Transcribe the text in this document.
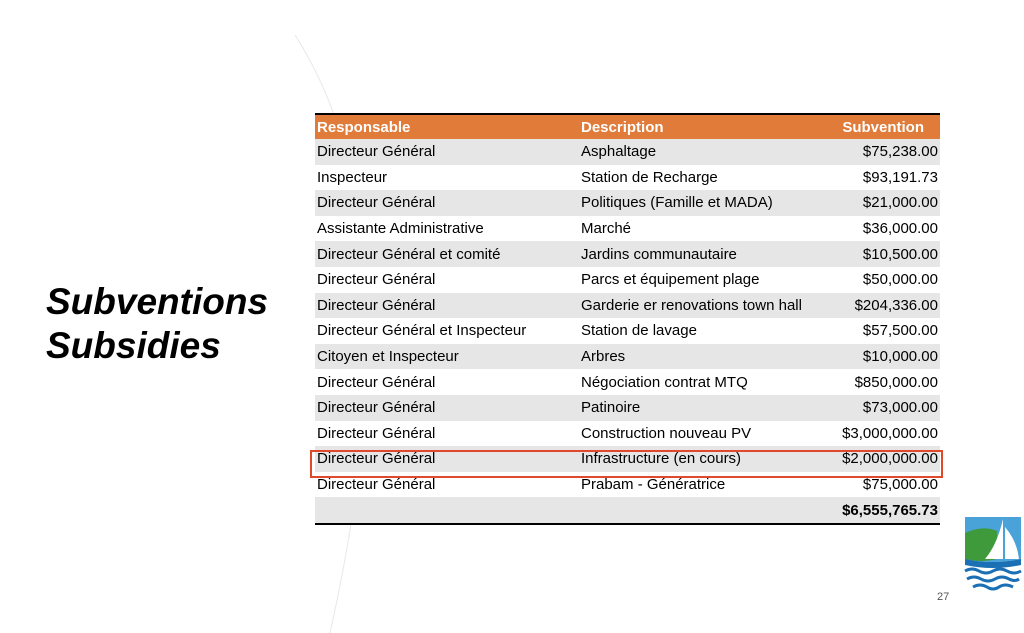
Subventions
Subsidies
Responsable	Description	Subvention
Directeur Général	Asphaltage	$75,238.00
Inspecteur	Station de Recharge	$93,191.73
Directeur Général	Politiques (Famille et MADA)	$21,000.00
Assistante Administrative	Marché	$36,000.00
Directeur Général et comité	Jardins communautaire	$10,500.00
Directeur Général	Parcs et équipement plage	$50,000.00
Directeur Général	Garderie er renovations town hall	$204,336.00
Directeur Général et Inspecteur	Station de lavage	$57,500.00
Citoyen et Inspecteur	Arbres	$10,000.00
Directeur Général	Négociation contrat MTQ	$850,000.00
Directeur Général	Patinoire	$73,000.00
Directeur Général	Construction nouveau PV	$3,000,000.00
Directeur Général	Infrastructure (en cours)	$2,000,000.00
Directeur Général	Prabam - Génératrice	$75,000.00
		$6,555,765.73
27
